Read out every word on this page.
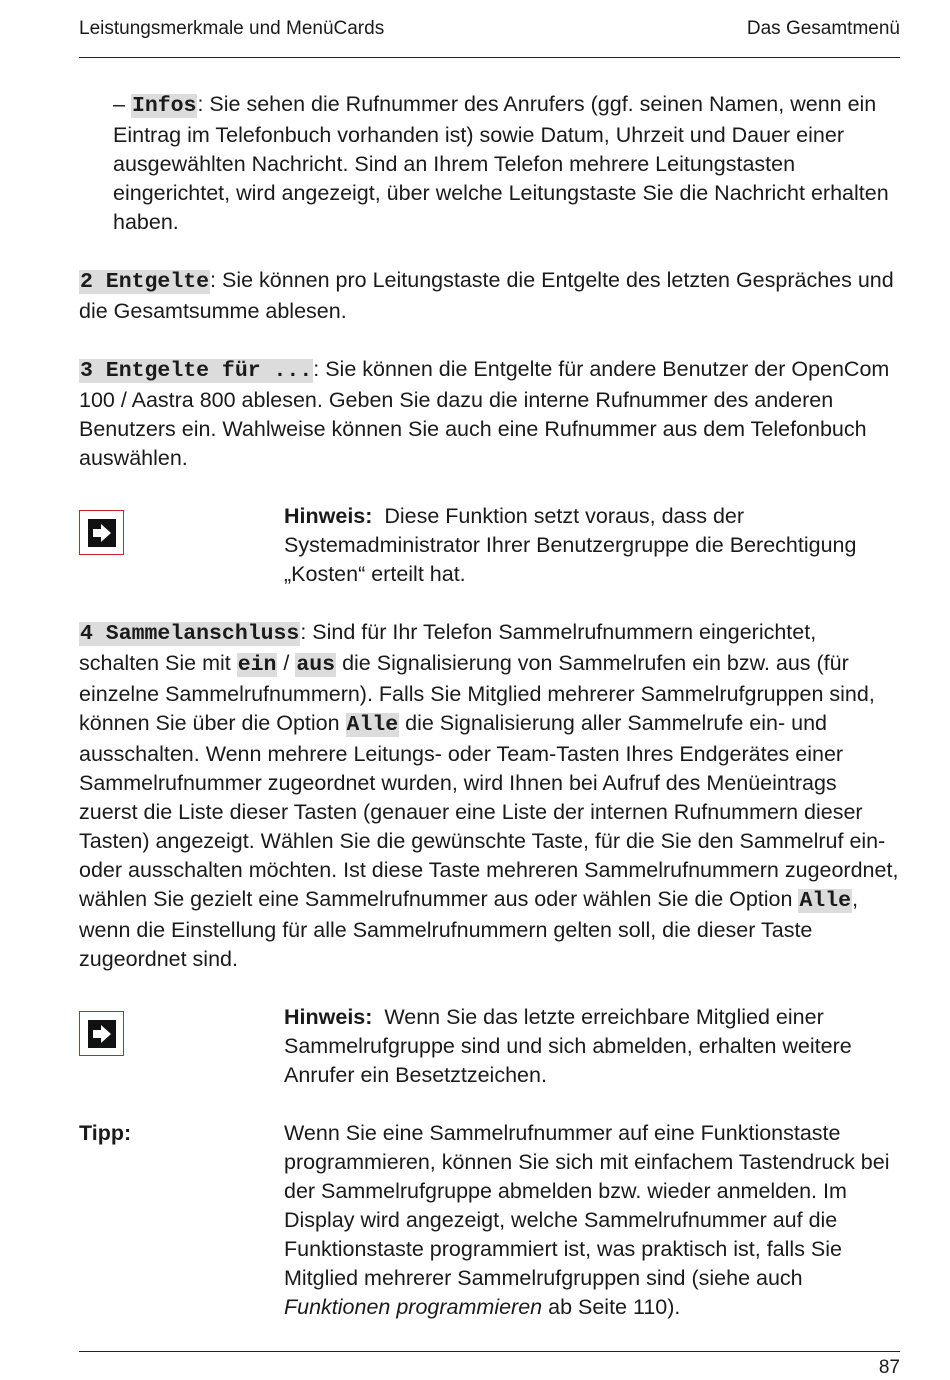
Leistungsmerkmale und MenüCards	Das Gesamtmenü

– Infos: Sie sehen die Rufnummer des Anrufers (ggf. seinen Namen, wenn ein Eintrag im Telefonbuch vorhanden ist) sowie Datum, Uhrzeit und Dauer einer ausgewählten Nachricht. Sind an Ihrem Telefon mehrere Leitungstasten eingerichtet, wird angezeigt, über welche Leitungstaste Sie die Nachricht erhalten haben.

2 Entgelte: Sie können pro Leitungstaste die Entgelte des letzten Gespräches und die Gesamtsumme ablesen.

3 Entgelte für ...: Sie können die Entgelte für andere Benutzer der OpenCom 100 / Aastra 800 ablesen. Geben Sie dazu die interne Rufnummer des anderen Benutzers ein. Wahlweise können Sie auch eine Rufnummer aus dem Telefonbuch auswählen.

Hinweis:  Diese Funktion setzt voraus, dass der Systemadministrator Ihrer Benutzergruppe die Berechtigung „Kosten“ erteilt hat.

4 Sammelanschluss: Sind für Ihr Telefon Sammelrufnummern eingerichtet, schalten Sie mit ein / aus die Signalisierung von Sammelrufen ein bzw. aus (für einzelne Sammelrufnummern). Falls Sie Mitglied mehrerer Sammelrufgruppen sind, können Sie über die Option Alle die Signalisierung aller Sammelrufe ein- und ausschalten. Wenn mehrere Leitungs- oder Team-Tasten Ihres Endgerätes einer Sammelrufnummer zugeordnet wurden, wird Ihnen bei Aufruf des Menüeintrags zuerst die Liste dieser Tasten (genauer eine Liste der internen Rufnummern dieser Tasten) angezeigt. Wählen Sie die gewünschte Taste, für die Sie den Sammelruf ein- oder ausschalten möchten. Ist diese Taste mehreren Sammelrufnummern zugeordnet, wählen Sie gezielt eine Sammelrufnummer aus oder wählen Sie die Option Alle, wenn die Einstellung für alle Sammelrufnummern gelten soll, die dieser Taste zugeordnet sind.

Hinweis:  Wenn Sie das letzte erreichbare Mitglied einer Sammelrufgruppe sind und sich abmelden, erhalten weitere Anrufer ein Besetztzeichen.

Tipp:	Wenn Sie eine Sammelrufnummer auf eine Funktionstaste programmieren, können Sie sich mit einfachem Tastendruck bei der Sammelrufgruppe abmelden bzw. wieder anmelden. Im Display wird angezeigt, welche Sammelrufnummer auf die Funktionstaste programmiert ist, was praktisch ist, falls Sie Mitglied mehrerer Sammelrufgruppen sind (siehe auch Funktionen programmieren ab Seite 110).

87
